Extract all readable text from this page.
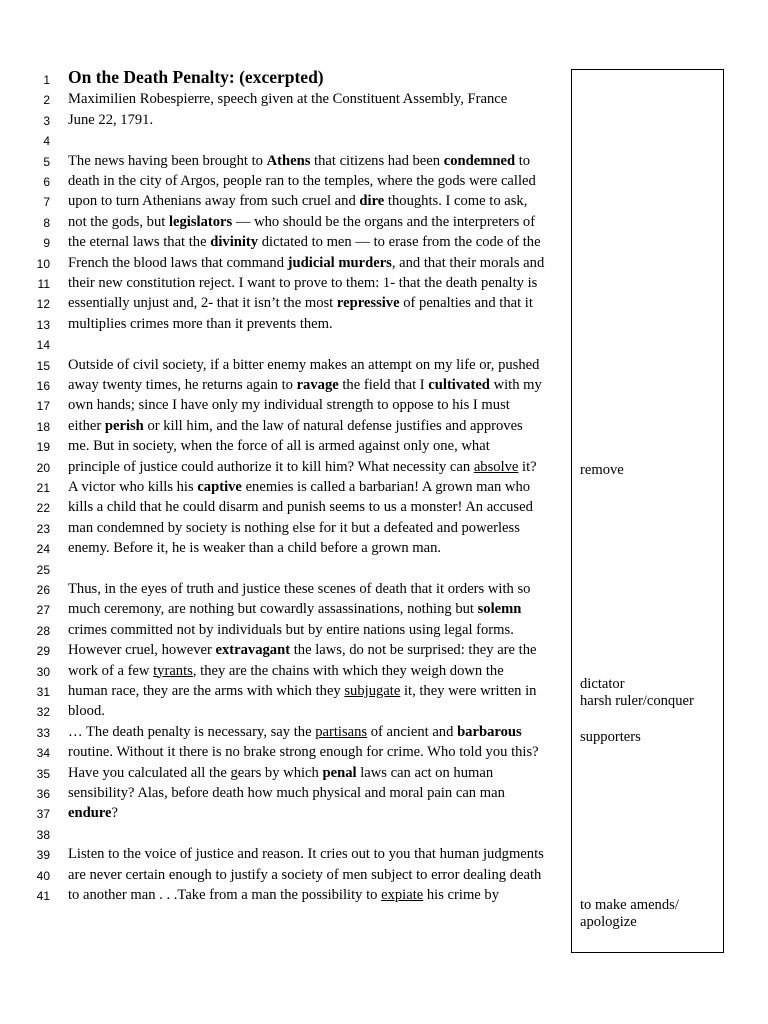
1 On the Death Penalty: (excerpted)
2 Maximilien Robespierre, speech given at the Constituent Assembly, France
3 June 22, 1791.
4
5 The news having been brought to Athens that citizens had been condemned to
6 death in the city of Argos, people ran to the temples, where the gods were called
7 upon to turn Athenians away from such cruel and dire thoughts. I come to ask,
8 not the gods, but legislators — who should be the organs and the interpreters of
9 the eternal laws that the divinity dictated to men — to erase from the code of the
10 French the blood laws that command judicial murders, and that their morals and
11 their new constitution reject. I want to prove to them: 1- that the death penalty is
12 essentially unjust and, 2- that it isn’t the most repressive of penalties and that it
13 multiplies crimes more than it prevents them.
14
15 Outside of civil society, if a bitter enemy makes an attempt on my life or, pushed
16 away twenty times, he returns again to ravage the field that I cultivated with my
17 own hands; since I have only my individual strength to oppose to his I must
18 either perish or kill him, and the law of natural defense justifies and approves
19 me. But in society, when the force of all is armed against only one, what
20 principle of justice could authorize it to kill him? What necessity can absolve it?
21 A victor who kills his captive enemies is called a barbarian! A grown man who
22 kills a child that he could disarm and punish seems to us a monster! An accused
23 man condemned by society is nothing else for it but a defeated and powerless
24 enemy. Before it, he is weaker than a child before a grown man.
25
26 Thus, in the eyes of truth and justice these scenes of death that it orders with so
27 much ceremony, are nothing but cowardly assassinations, nothing but solemn
28 crimes committed not by individuals but by entire nations using legal forms.
29 However cruel, however extravagant the laws, do not be surprised: they are the
30 work of a few tyrants, they are the chains with which they weigh down the
31 human race, they are the arms with which they subjugate it, they were written in
32 blood.
33 … The death penalty is necessary, say the partisans of ancient and barbarous
34 routine. Without it there is no brake strong enough for crime. Who told you this?
35 Have you calculated all the gears by which penal laws can act on human
36 sensibility? Alas, before death how much physical and moral pain can man
37 endure?
38
39 Listen to the voice of justice and reason. It cries out to you that human judgments
40 are never certain enough to justify a society of men subject to error dealing death
41 to another man . . .Take from a man the possibility to expiate his crime by
remove
dictator
harsh ruler/conquer
supporters
to make amends/
apologize
